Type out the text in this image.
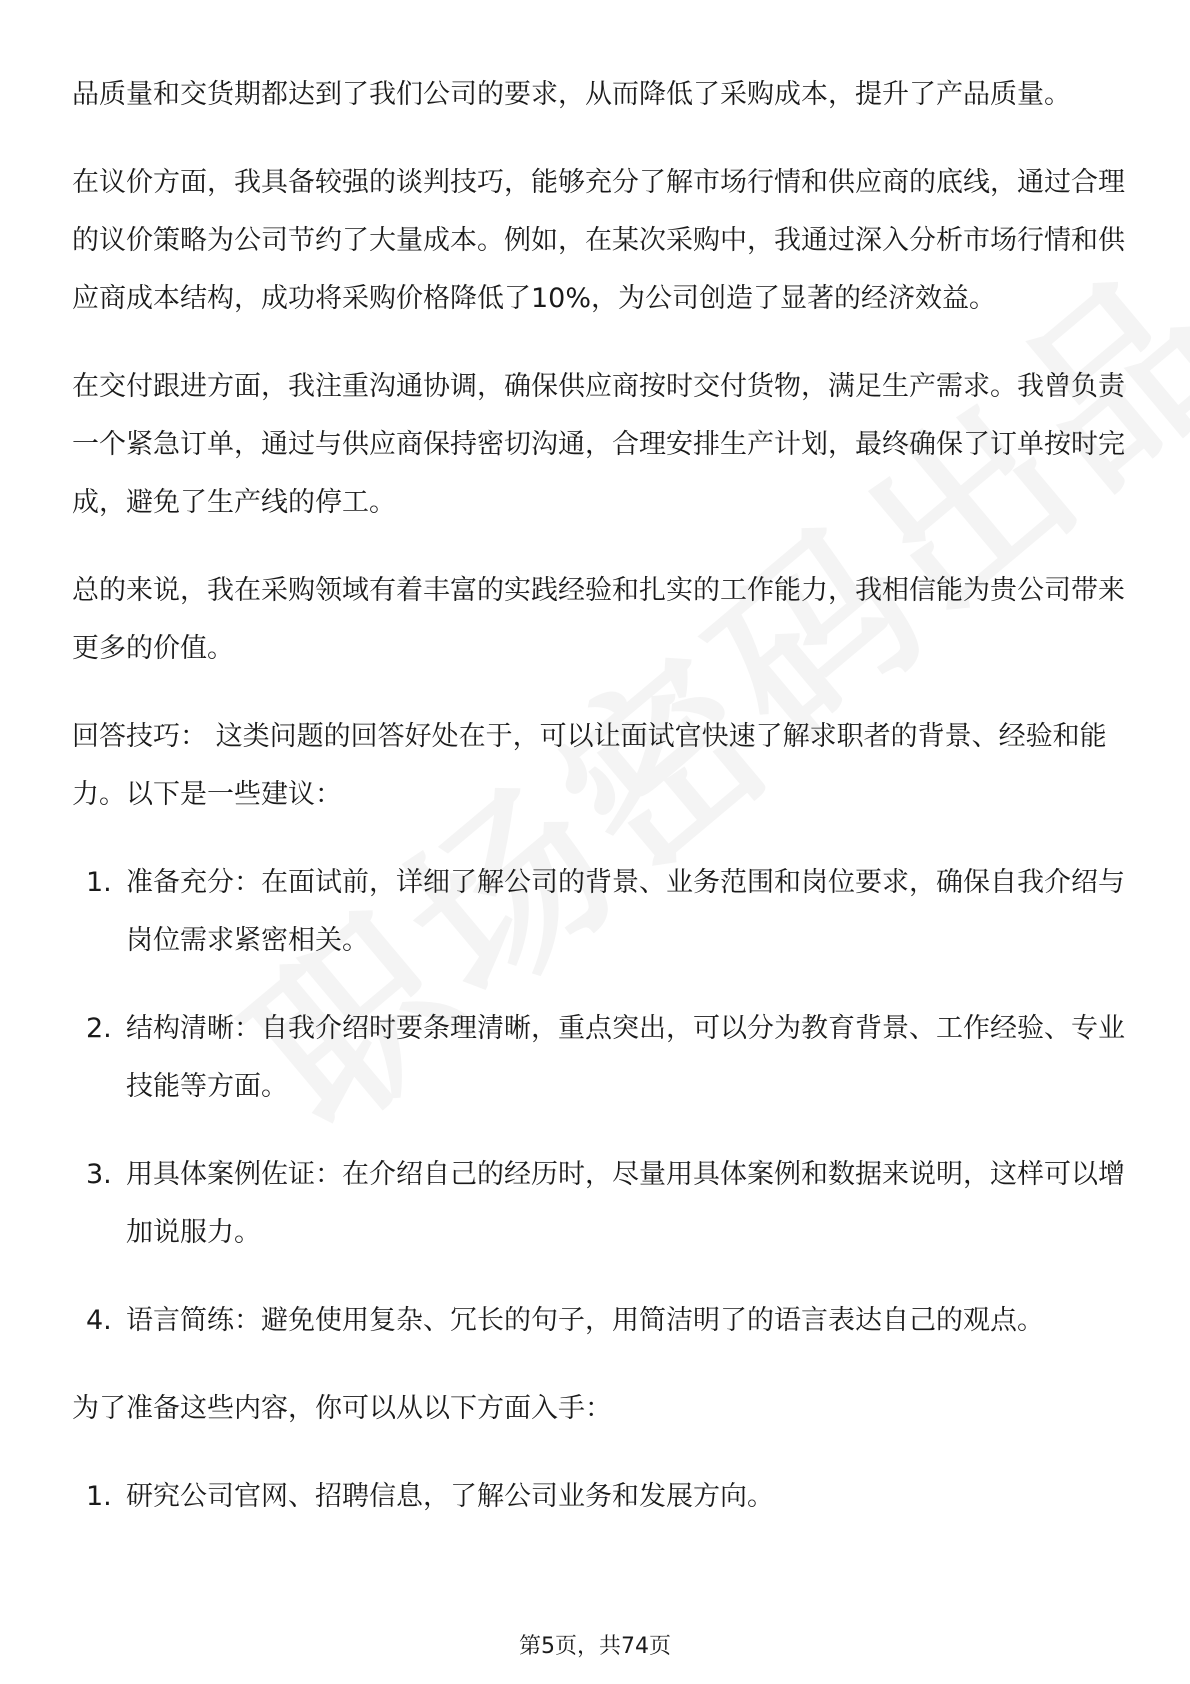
品质量和交货期都达到了我们公司的要求，从而降低了采购成本，提升了产品质量。

在议价方面，我具备较强的谈判技巧，能够充分了解市场行情和供应商的底线，通过合理的议价策略为公司节约了大量成本。例如，在某次采购中，我通过深入分析市场行情和供应商成本结构，成功将采购价格降低了10%，为公司创造了显著的经济效益。

在交付跟进方面，我注重沟通协调，确保供应商按时交付货物，满足生产需求。我曾负责一个紧急订单，通过与供应商保持密切沟通，合理安排生产计划，最终确保了订单按时完成，避免了生产线的停工。

总的来说，我在采购领域有着丰富的实践经验和扎实的工作能力，我相信能为贵公司带来更多的价值。

回答技巧： 这类问题的回答好处在于，可以让面试官快速了解求职者的背景、经验和能力。以下是一些建议：

1. 准备充分：在面试前，详细了解公司的背景、业务范围和岗位要求，确保自我介绍与岗位需求紧密相关。
2. 结构清晰：自我介绍时要条理清晰，重点突出，可以分为教育背景、工作经验、专业技能等方面。
3. 用具体案例佐证：在介绍自己的经历时，尽量用具体案例和数据来说明，这样可以增加说服力。
4. 语言简练：避免使用复杂、冗长的句子，用简洁明了的语言表达自己的观点。

为了准备这些内容，你可以从以下方面入手：

1. 研究公司官网、招聘信息，了解公司业务和发展方向。
第5页，共74页
